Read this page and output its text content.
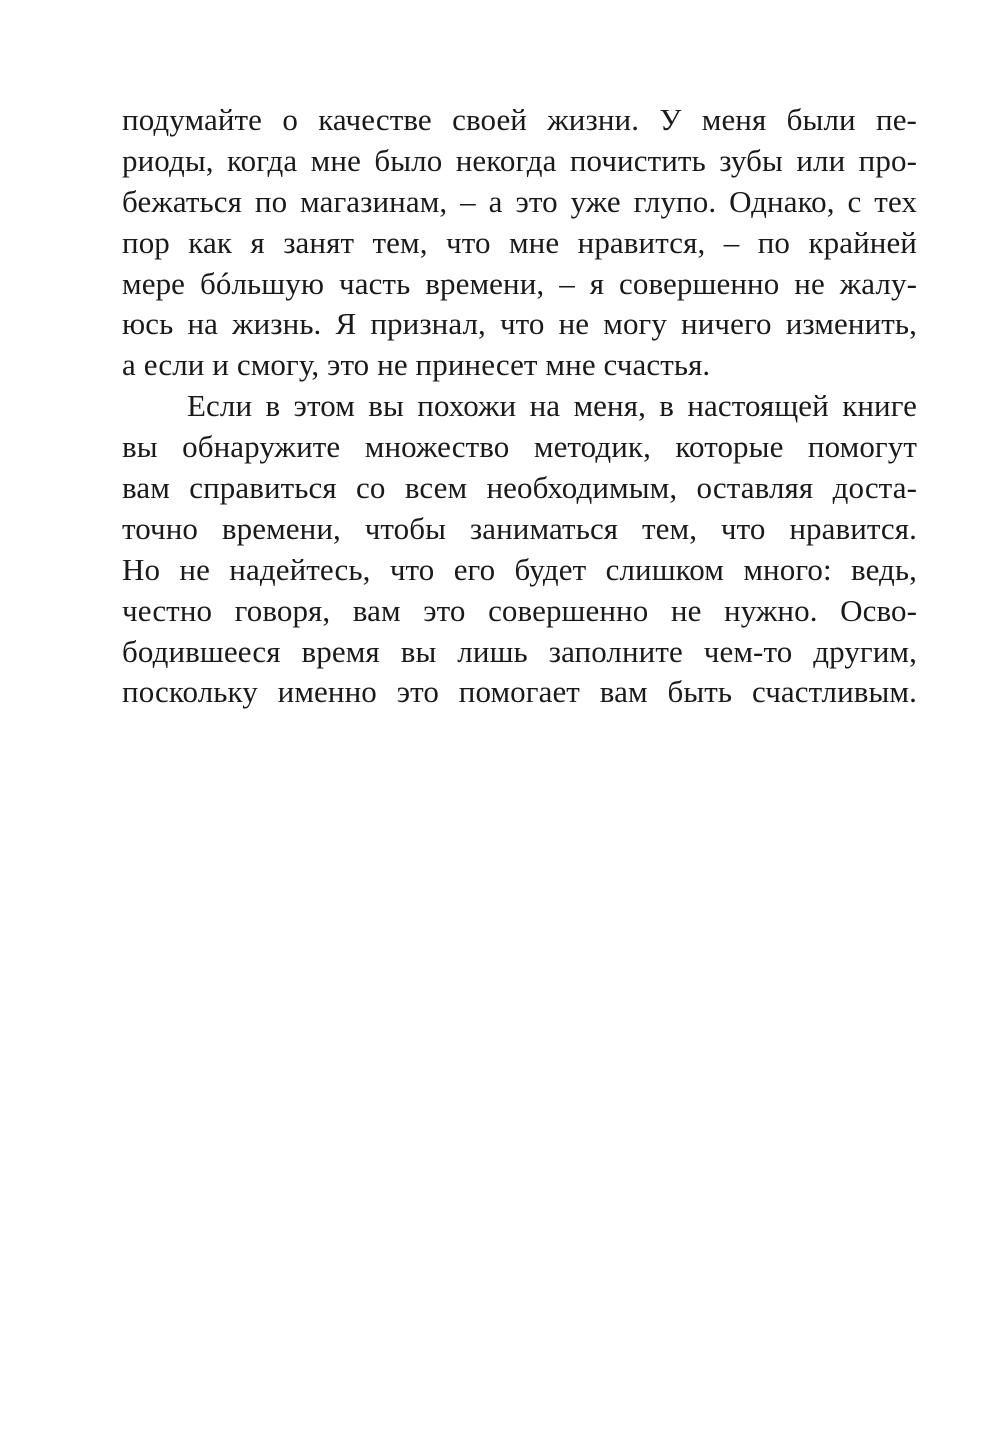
подумайте о качестве своей жизни. У меня были пе-
риоды, когда мне было некогда почистить зубы или про-
бежаться по магазинам, – а это уже глупо. Однако, с тех
пор как я занят тем, что мне нравится, – по крайней
мере бóльшую часть времени, – я совершенно не жалу-
юсь на жизнь. Я признал, что не могу ничего изменить,
а если и смогу, это не принесет мне счастья.
Если в этом вы похожи на меня, в настоящей книге
вы обнаружите множество методик, которые помогут
вам справиться со всем необходимым, оставляя доста-
точно времени, чтобы заниматься тем, что нравится.
Но не надейтесь, что его будет слишком много: ведь,
честно говоря, вам это совершенно не нужно. Осво-
бодившееся время вы лишь заполните чем-то другим,
поскольку именно это помогает вам быть счастливым.
